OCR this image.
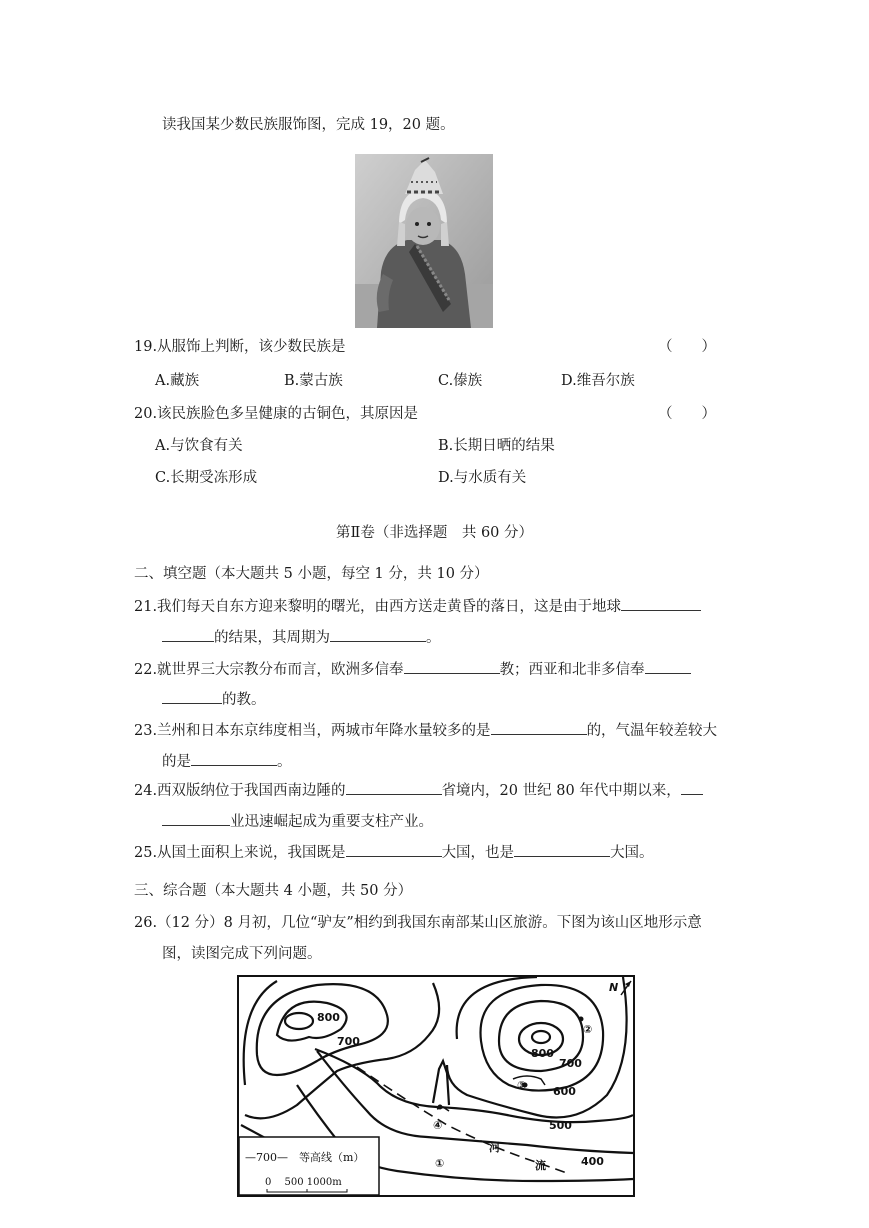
读我国某少数民族服饰图，完成 19，20 题。
19.从服饰上判断，该少数民族是	（　　）
A.藏族	B.蒙古族	C.傣族	D.维吾尔族
20.该民族脸色多呈健康的古铜色，其原因是	（　　）
A.与饮食有关	B.长期日晒的结果
C.长期受冻形成	D.与水质有关
第Ⅱ卷（非选择题　共 60 分）
二、填空题（本大题共 5 小题，每空 1 分，共 10 分）
21.我们每天自东方迎来黎明的曙光，由西方送走黄昏的落日，这是由于地球
的结果，其周期为	。
22.就世界三大宗教分布而言，欧洲多信奉	教；西亚和北非多信奉
的教。
23.兰州和日本东京纬度相当，两城市年降水量较多的是	的，气温年较差较大
的是	。
24.西双版纳位于我国西南边陲的	省境内，20 世纪 80 年代中期以来，
业迅速崛起成为重要支柱产业。
25.从国土面积上来说，我国既是	大国，也是	大国。
三、综合题（本大题共 4 小题，共 50 分）
26.（12 分）8 月初，几位“驴友”相约到我国东南部某山区旅游。下图为该山区地形示意
图，读图完成下列问题。
800
700
800
700
600
500
400
①
②
③
④
河
流
N
—700—　等高线（m）
0　 500 1000m
